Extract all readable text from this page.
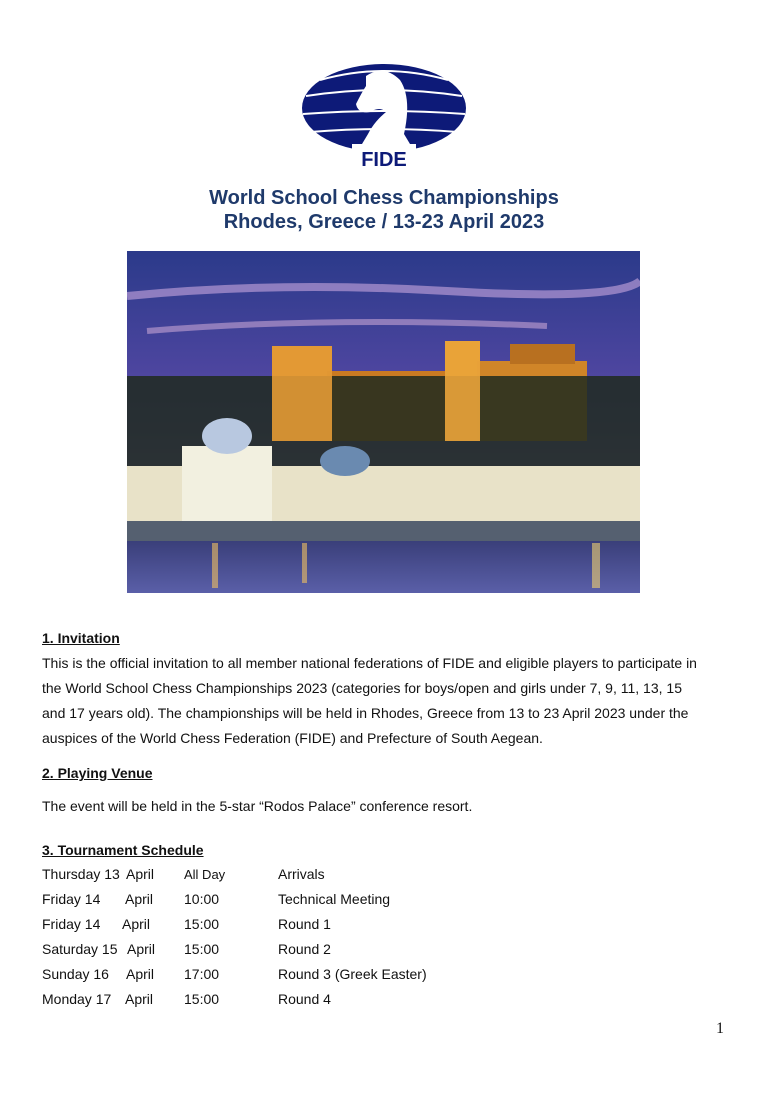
FIDE
World School Chess Championships
Rhodes, Greece / 13-23 April 2023
1. Invitation
This is the official invitation to all member national federations of FIDE and eligible players to participate in
the World School Chess Championships 2023 (categories for boys/open and girls under 7, 9, 11, 13, 15
and 17 years old). The championships will be held in Rhodes, Greece from 13 to 23 April 2023 under the
auspices of the World Chess Federation (FIDE) and Prefecture of South Aegean.
2. Playing Venue
The event will be held in the 5-star “Rodos Palace” conference resort.
3. Tournament Schedule
Thursday 13 April All Day	Arrivals
Friday 14 April 10:00	Technical Meeting
Friday 14 April 15:00	Round 1
Saturday 15 April 15:00	Round 2
Sunday 16 April 17:00	Round 3 (Greek Easter)
Monday 17 April 15:00	Round 4
1
